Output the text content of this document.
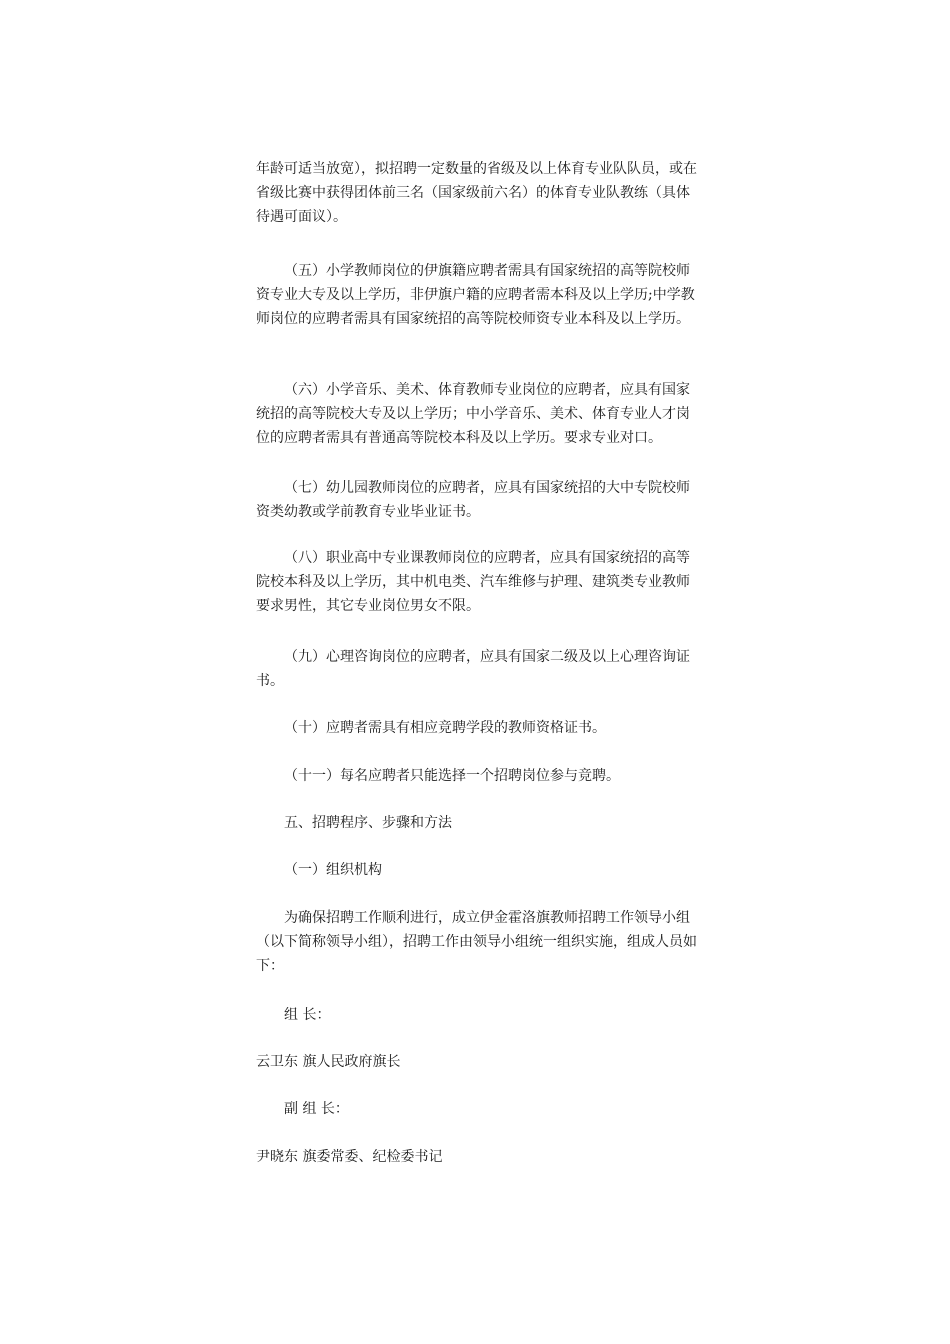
年龄可适当放宽），拟招聘一定数量的省级及以上体育专业队队员，或在省级比赛中获得团体前三名（国家级前六名）的体育专业队教练（具体待遇可面议）。

（五）小学教师岗位的伊旗籍应聘者需具有国家统招的高等院校师资专业大专及以上学历，非伊旗户籍的应聘者需本科及以上学历;中学教师岗位的应聘者需具有国家统招的高等院校师资专业本科及以上学历。

（六）小学音乐、美术、体育教师专业岗位的应聘者，应具有国家统招的高等院校大专及以上学历；中小学音乐、美术、体育专业人才岗位的应聘者需具有普通高等院校本科及以上学历。要求专业对口。

（七）幼儿园教师岗位的应聘者，应具有国家统招的大中专院校师资类幼教或学前教育专业毕业证书。

（八）职业高中专业课教师岗位的应聘者，应具有国家统招的高等院校本科及以上学历，其中机电类、汽车维修与护理、建筑类专业教师要求男性，其它专业岗位男女不限。

（九）心理咨询岗位的应聘者，应具有国家二级及以上心理咨询证书。

（十）应聘者需具有相应竞聘学段的教师资格证书。

（十一）每名应聘者只能选择一个招聘岗位参与竞聘。

五、招聘程序、步骤和方法

（一）组织机构

为确保招聘工作顺利进行，成立伊金霍洛旗教师招聘工作领导小组（以下简称领导小组），招聘工作由领导小组统一组织实施，组成人员如下：

组 长：

云卫东 旗人民政府旗长

副 组 长：

尹晓东 旗委常委、纪检委书记
